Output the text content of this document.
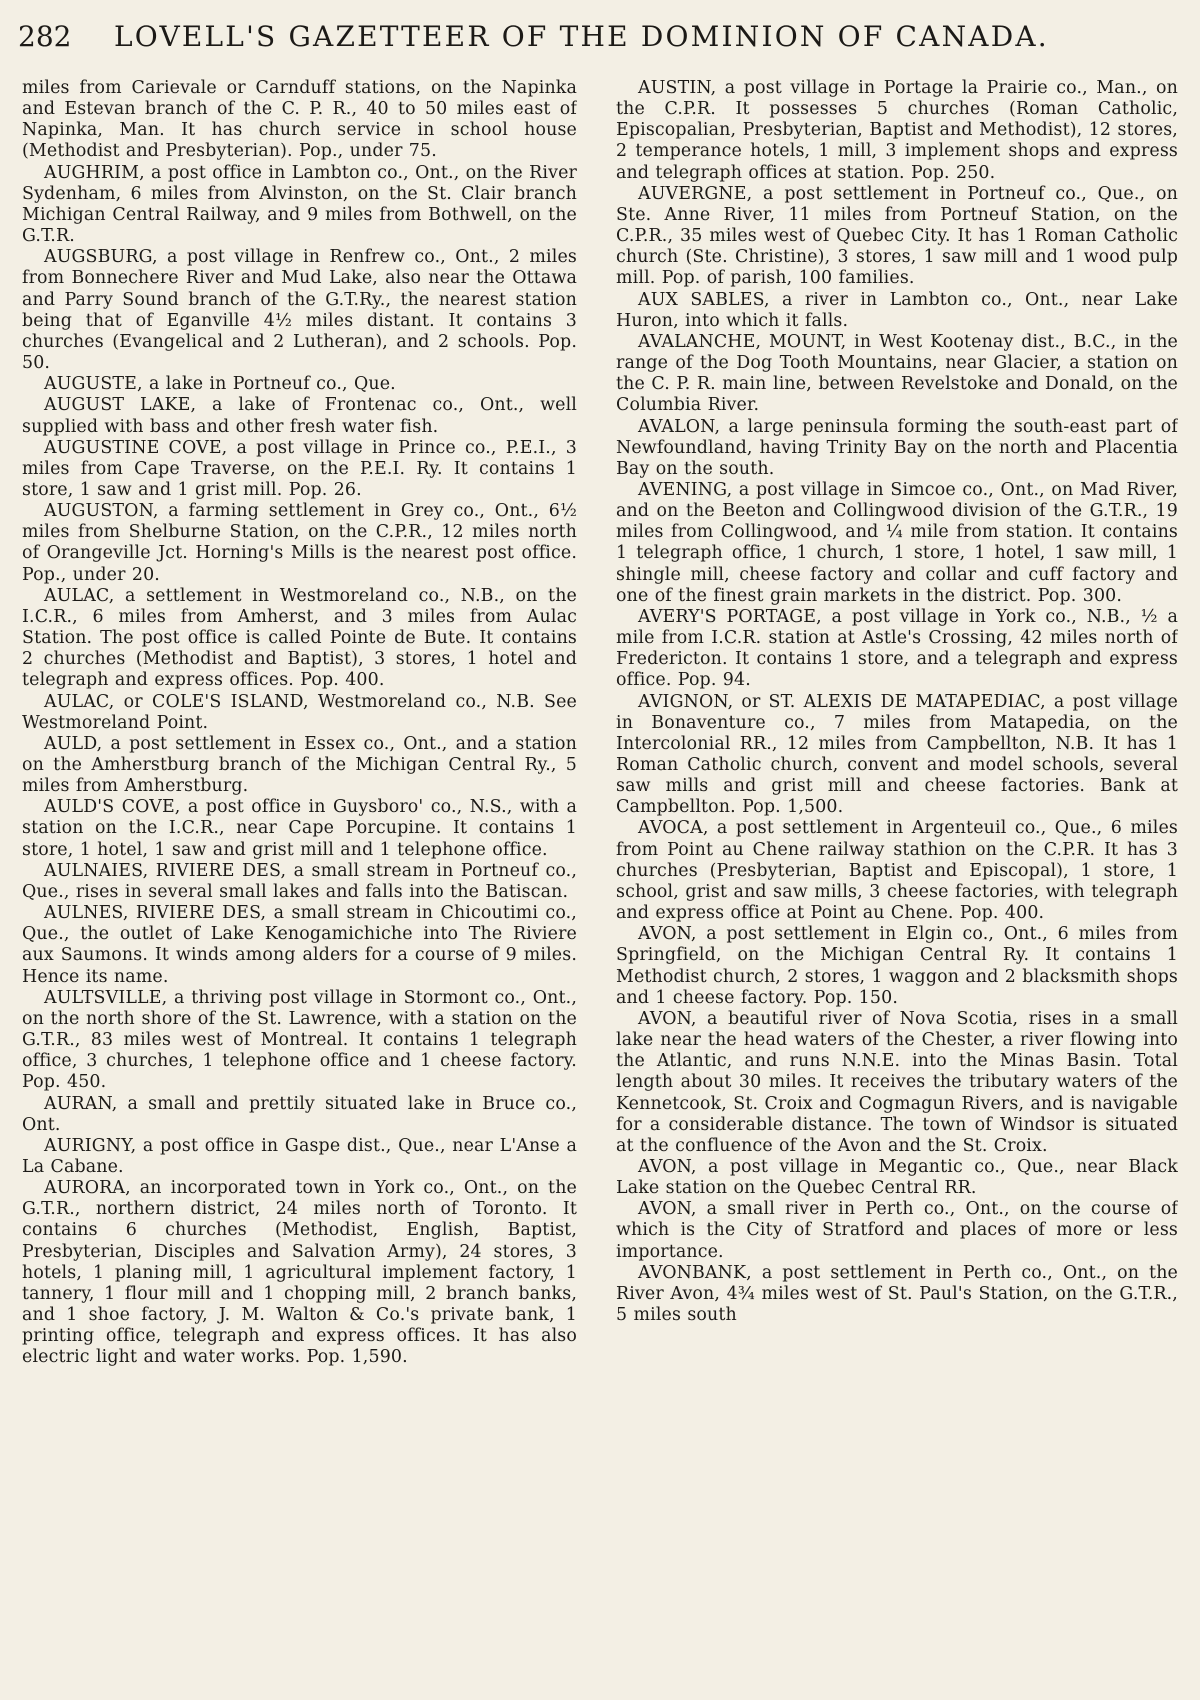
282 LOVELL'S GAZETTEER OF THE DOMINION OF CANADA.

miles from Carievale or Carnduff stations, on the Napinka and Estevan branch of the C. P. R., 40 to 50 miles east of Napinka, Man. It has church service in school house (Methodist and Presbyterian). Pop., under 75.

AUGHRIM, a post office in Lambton co., Ont., on the River Sydenham, 6 miles from Alvinston, on the St. Clair branch Michigan Central Railway, and 9 miles from Bothwell, on the G.T.R.

AUGSBURG, a post village in Renfrew co., Ont., 2 miles from Bonnechere River and Mud Lake, also near the Ottawa and Parry Sound branch of the G.T.Ry., the nearest station being that of Eganville 4½ miles distant. It contains 3 churches (Evangelical and 2 Lutheran), and 2 schools. Pop. 50.

AUGUSTE, a lake in Portneuf co., Que.

AUGUST LAKE, a lake of Frontenac co., Ont., well supplied with bass and other fresh water fish.

AUGUSTINE COVE, a post village in Prince co., P.E.I., 3 miles from Cape Traverse, on the P.E.I. Ry. It contains 1 store, 1 saw and 1 grist mill. Pop. 26.

AUGUSTON, a farming settlement in Grey co., Ont., 6½ miles from Shelburne Station, on the C.P.R., 12 miles north of Orangeville Jct. Horning's Mills is the nearest post office. Pop., under 20.

AULAC, a settlement in Westmoreland co., N.B., on the I.C.R., 6 miles from Amherst, and 3 miles from Aulac Station. The post office is called Pointe de Bute. It contains 2 churches (Methodist and Baptist), 3 stores, 1 hotel and telegraph and express offices. Pop. 400.

AULAC, or COLE'S ISLAND, Westmoreland co., N.B. See Westmoreland Point.

AULD, a post settlement in Essex co., Ont., and a station on the Amherstburg branch of the Michigan Central Ry., 5 miles from Amherstburg.

AULD'S COVE, a post office in Guysboro' co., N.S., with a station on the I.C.R., near Cape Porcupine. It contains 1 store, 1 hotel, 1 saw and grist mill and 1 telephone office.

AULNAIES, RIVIERE DES, a small stream in Portneuf co., Que., rises in several small lakes and falls into the Batiscan.

AULNES, RIVIERE DES, a small stream in Chicoutimi co., Que., the outlet of Lake Kenogamichiche into The Riviere aux Saumons. It winds among alders for a course of 9 miles. Hence its name.

AULTSVILLE, a thriving post village in Stormont co., Ont., on the north shore of the St. Lawrence, with a station on the G.T.R., 83 miles west of Montreal. It contains 1 telegraph office, 3 churches, 1 telephone office and 1 cheese factory. Pop. 450.

AURAN, a small and prettily situated lake in Bruce co., Ont.

AURIGNY, a post office in Gaspe dist., Que., near L'Anse a La Cabane.

AURORA, an incorporated town in York co., Ont., on the G.T.R., northern district, 24 miles north of Toronto. It contains 6 churches (Methodist, English, Baptist, Presbyterian, Disciples and Salvation Army), 24 stores, 3 hotels, 1 planing mill, 1 agricultural implement factory, 1 tannery, 1 flour mill and 1 chopping mill, 2 branch banks, and 1 shoe factory, J. M. Walton & Co.'s private bank, 1 printing office, telegraph and express offices. It has also electric light and water works. Pop. 1,590.

AUSTIN, a post village in Portage la Prairie co., Man., on the C.P.R. It possesses 5 churches (Roman Catholic, Episcopalian, Presbyterian, Baptist and Methodist), 12 stores, 2 temperance hotels, 1 mill, 3 implement shops and express and telegraph offices at station. Pop. 250.

AUVERGNE, a post settlement in Portneuf co., Que., on Ste. Anne River, 11 miles from Portneuf Station, on the C.P.R., 35 miles west of Quebec City. It has 1 Roman Catholic church (Ste. Christine), 3 stores, 1 saw mill and 1 wood pulp mill. Pop. of parish, 100 families.

AUX SABLES, a river in Lambton co., Ont., near Lake Huron, into which it falls.

AVALANCHE, MOUNT, in West Kootenay dist., B.C., in the range of the Dog Tooth Mountains, near Glacier, a station on the C. P. R. main line, between Revelstoke and Donald, on the Columbia River.

AVALON, a large peninsula forming the south-east part of Newfoundland, having Trinity Bay on the north and Placentia Bay on the south.

AVENING, a post village in Simcoe co., Ont., on Mad River, and on the Beeton and Collingwood division of the G.T.R., 19 miles from Collingwood, and ¼ mile from station. It contains 1 telegraph office, 1 church, 1 store, 1 hotel, 1 saw mill, 1 shingle mill, cheese factory and collar and cuff factory and one of the finest grain markets in the district. Pop. 300.

AVERY'S PORTAGE, a post village in York co., N.B., ½ a mile from I.C.R. station at Astle's Crossing, 42 miles north of Fredericton. It contains 1 store, and a telegraph and express office. Pop. 94.

AVIGNON, or ST. ALEXIS DE MATAPEDIAC, a post village in Bonaventure co., 7 miles from Matapedia, on the Intercolonial RR., 12 miles from Campbellton, N.B. It has 1 Roman Catholic church, convent and model schools, several saw mills and grist mill and cheese factories. Bank at Campbellton. Pop. 1,500.

AVOCA, a post settlement in Argenteuil co., Que., 6 miles from Point au Chene railway stathion on the C.P.R. It has 3 churches (Presbyterian, Baptist and Episcopal), 1 store, 1 school, grist and saw mills, 3 cheese factories, with telegraph and express office at Point au Chene. Pop. 400.

AVON, a post settlement in Elgin co., Ont., 6 miles from Springfield, on the Michigan Central Ry. It contains 1 Methodist church, 2 stores, 1 waggon and 2 blacksmith shops and 1 cheese factory. Pop. 150.

AVON, a beautiful river of Nova Scotia, rises in a small lake near the head waters of the Chester, a river flowing into the Atlantic, and runs N.N.E. into the Minas Basin. Total length about 30 miles. It receives the tributary waters of the Kennetcook, St. Croix and Cogmagun Rivers, and is navigable for a considerable distance. The town of Windsor is situated at the confluence of the Avon and the St. Croix.

AVON, a post village in Megantic co., Que., near Black Lake station on the Quebec Central RR.

AVON, a small river in Perth co., Ont., on the course of which is the City of Stratford and places of more or less importance.

AVONBANK, a post settlement in Perth co., Ont., on the River Avon, 4¾ miles west of St. Paul's Station, on the G.T.R., 5 miles south
